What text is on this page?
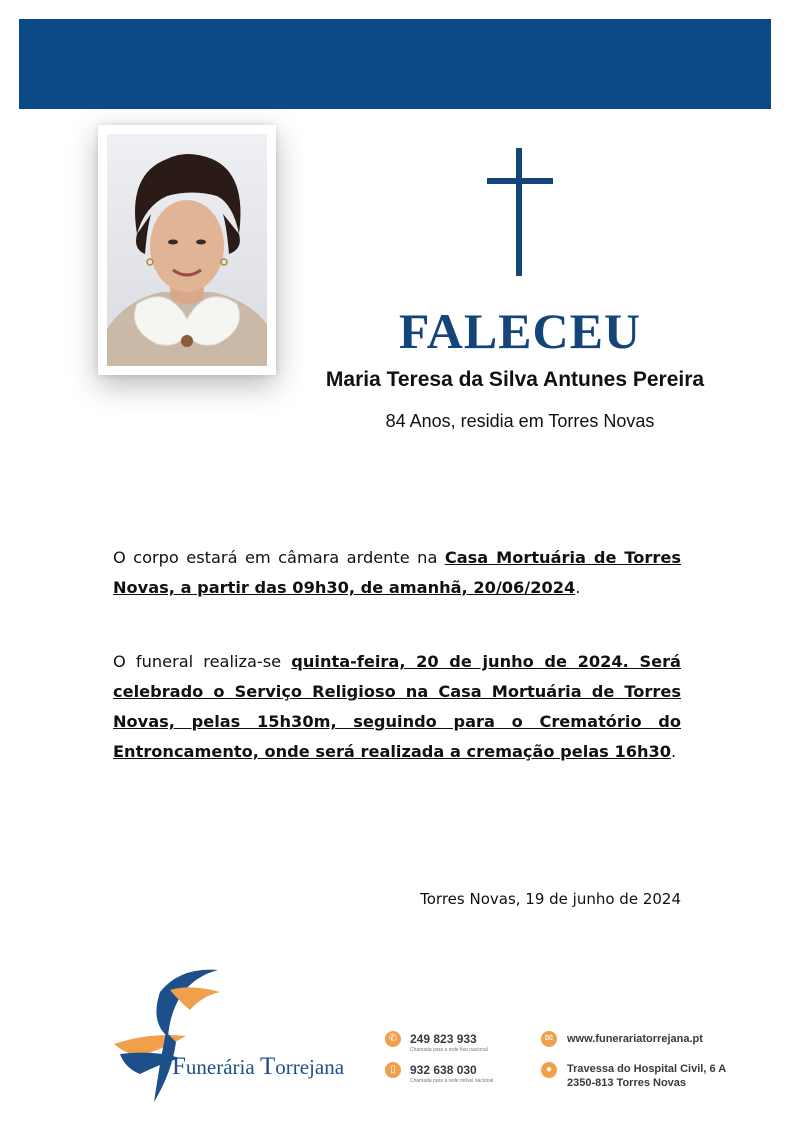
FALECEU
Maria Teresa da Silva Antunes Pereira
84 Anos, residia em Torres Novas
O corpo estará em câmara ardente na Casa Mortuária de Torres Novas, a partir das 09h30, de amanhã, 20/06/2024.
O funeral realiza-se quinta-feira, 20 de junho de 2024. Será celebrado o Serviço Religioso na Casa Mortuária de Torres Novas, pelas 15h30m, seguindo para o Crematório do Entroncamento, onde será realizada a cremação pelas 16h30.
Torres Novas, 19 de junho de 2024
Funerária Torrejana
✆	249 823 933
Chamada para a rede fixa nacional
▯	932 638 030
Chamada para a rede móvel nacional
✉	www.funerariatorrejana.pt
●	Travessa do Hospital Civil, 6 A
2350-813 Torres Novas
